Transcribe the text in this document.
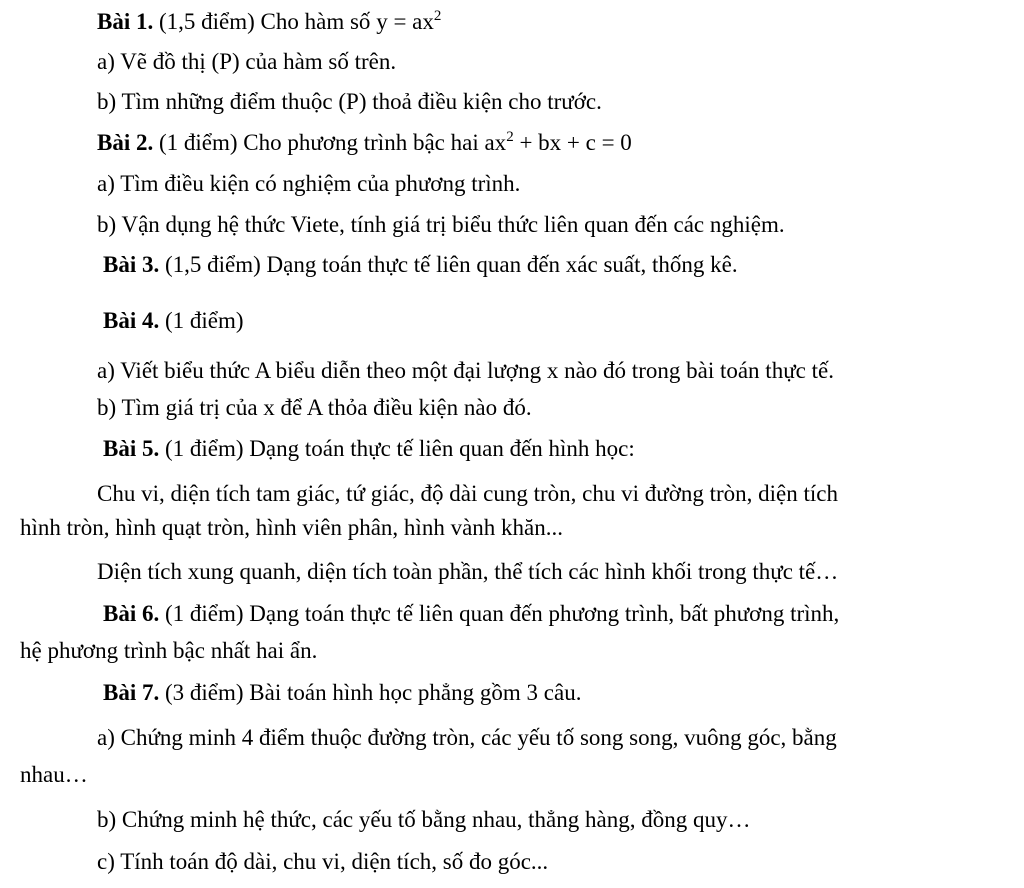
Bài 1. (1,5 điểm) Cho hàm số $y = ax^2$
a) Vẽ đồ thị (P) của hàm số trên.
b) Tìm những điểm thuộc (P) thoả điều kiện cho trước.
Bài 2. (1 điểm) Cho phương trình bậc hai $ax^2$ + bx + c = 0
a) Tìm điều kiện có nghiệm của phương trình.
b) Vận dụng hệ thức Viete, tính giá trị biểu thức liên quan đến các nghiệm.
Bài 3. (1,5 điểm) Dạng toán thực tế liên quan đến xác suất, thống kê.
Bài 4. (1 điểm)
a) Viết biểu thức A biểu diễn theo một đại lượng x nào đó trong bài toán thực tế.
b) Tìm giá trị của x để A thỏa điều kiện nào đó.
Bài 5. (1 điểm) Dạng toán thực tế liên quan đến hình học:
Chu vi, diện tích tam giác, tứ giác, độ dài cung tròn, chu vi đường tròn, diện tích
hình tròn, hình quạt tròn, hình viên phân, hình vành khăn...
Diện tích xung quanh, diện tích toàn phần, thể tích các hình khối trong thực tế…
Bài 6. (1 điểm) Dạng toán thực tế liên quan đến phương trình, bất phương trình,
hệ phương trình bậc nhất hai ẩn.
Bài 7. (3 điểm) Bài toán hình học phẳng gồm 3 câu.
a) Chứng minh 4 điểm thuộc đường tròn, các yếu tố song song, vuông góc, bằng
nhau…
b) Chứng minh hệ thức, các yếu tố bằng nhau, thẳng hàng, đồng quy…
c) Tính toán độ dài, chu vi, diện tích, số đo góc...
